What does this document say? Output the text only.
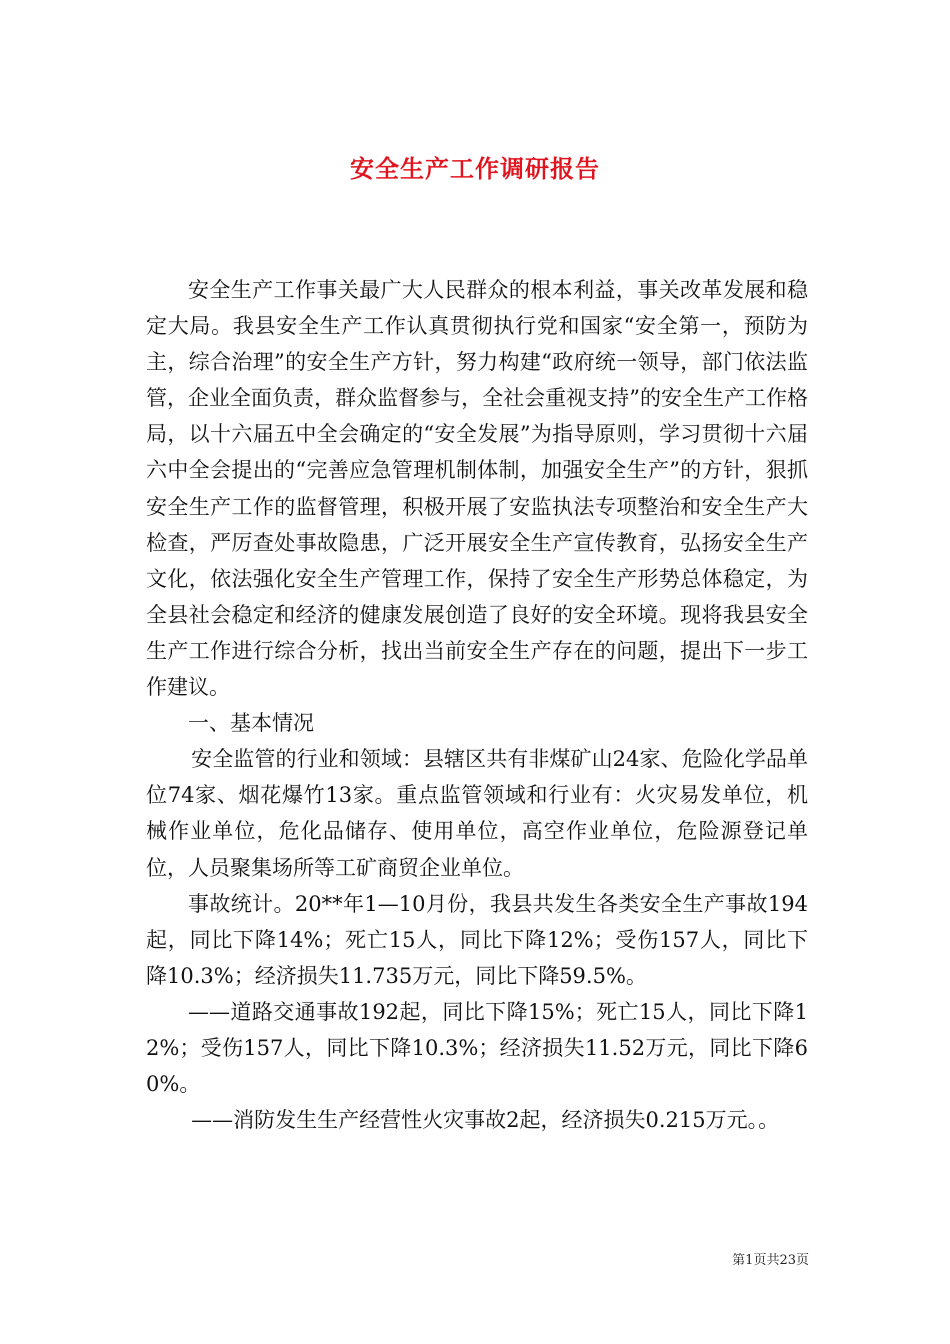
安全生产工作调研报告

安全生产工作事关最广大人民群众的根本利益，事关改革发展和稳定大局。我县安全生产工作认真贯彻执行党和国家“安全第一，预防为主，综合治理”的安全生产方针，努力构建“政府统一领导，部门依法监管，企业全面负责，群众监督参与，全社会重视支持”的安全生产工作格局，以十六届五中全会确定的“安全发展”为指导原则，学习贯彻十六届六中全会提出的“完善应急管理机制体制，加强安全生产”的方针，狠抓安全生产工作的监督管理，积极开展了安监执法专项整治和安全生产大检查，严厉查处事故隐患，广泛开展安全生产宣传教育，弘扬安全生产文化，依法强化安全生产管理工作，保持了安全生产形势总体稳定，为全县社会稳定和经济的健康发展创造了良好的安全环境。现将我县安全生产工作进行综合分析，找出当前安全生产存在的问题，提出下一步工作建议。

一、基本情况

安全监管的行业和领域：县辖区共有非煤矿山24家、危险化学品单位74家、烟花爆竹13家。重点监管领域和行业有：火灾易发单位，机械作业单位，危化品储存、使用单位，高空作业单位，危险源登记单位，人员聚集场所等工矿商贸企业单位。

事故统计。20**年1—10月份，我县共发生各类安全生产事故194起，同比下降14%；死亡15人，同比下降12%；受伤157人，同比下降10.3%；经济损失11.735万元，同比下降59.5%。

——道路交通事故192起，同比下降15%；死亡15人，同比下降12%；受伤157人，同比下降10.3%；经济损失11.52万元，同比下降60%。

——消防发生生产经营性火灾事故2起，经济损失0.215万元。。

第1页共23页
